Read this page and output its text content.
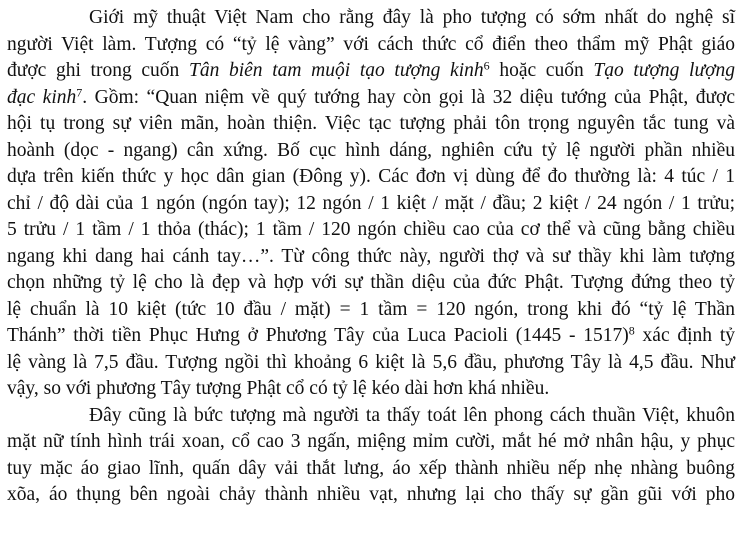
Giới mỹ thuật Việt Nam cho rằng đây là pho tượng có sớm nhất do nghệ sĩ
người Việt làm. Tượng có “tỷ lệ vàng” với cách thức cổ điển theo thẩm mỹ Phật giáo
được ghi trong cuốn Tân biên tam muội tạo tượng kinh$^6$ hoặc cuốn Tạo tượng lượng
đạc kinh$^7$. Gồm: “Quan niệm về quý tướng hay còn gọi là 32 diệu tướng của Phật, được
hội tụ trong sự viên mãn, hoàn thiện. Việc tạc tượng phải tôn trọng nguyên tắc tung và
hoành (dọc - ngang) cân xứng. Bố cục hình dáng, nghiên cứu tỷ lệ người phần nhiều
dựa trên kiến thức y học dân gian (Đông y). Các đơn vị dùng để đo thường là: 4 túc / 1
chỉ / độ dài của 1 ngón (ngón tay); 12 ngón / 1 kiệt / mặt / đầu; 2 kiệt / 24 ngón / 1 trửu;
5 trửu / 1 tầm / 1 thỏa (thác); 1 tầm / 120 ngón chiều cao của cơ thể và cũng bằng chiều
ngang khi dang hai cánh tay…”. Từ công thức này, người thợ và sư thầy khi làm tượng
chọn những tỷ lệ cho là đẹp và hợp với sự thần diệu của đức Phật. Tượng đứng theo tỷ
lệ chuẩn là 10 kiệt (tức 10 đầu / mặt) = 1 tầm = 120 ngón, trong khi đó “tỷ lệ Thần
Thánh” thời tiền Phục Hưng ở Phương Tây của Luca Pacioli (1445 - 1517)$^8$ xác định tỷ
lệ vàng là 7,5 đầu. Tượng ngồi thì khoảng 6 kiệt là 5,6 đầu, phương Tây là 4,5 đầu. Như
vậy, so với phương Tây tượng Phật cổ có tỷ lệ kéo dài hơn khá nhiều.
Đây cũng là bức tượng mà người ta thấy toát lên phong cách thuần Việt, khuôn
mặt nữ tính hình trái xoan, cổ cao 3 ngấn, miệng mỉm cười, mắt hé mở nhân hậu, y phục
tuy mặc áo giao lĩnh, quấn dây vải thắt lưng, áo xếp thành nhiều nếp nhẹ nhàng buông
xõa, áo thụng bên ngoài chảy thành nhiều vạt, nhưng lại cho thấy sự gần gũi với pho
